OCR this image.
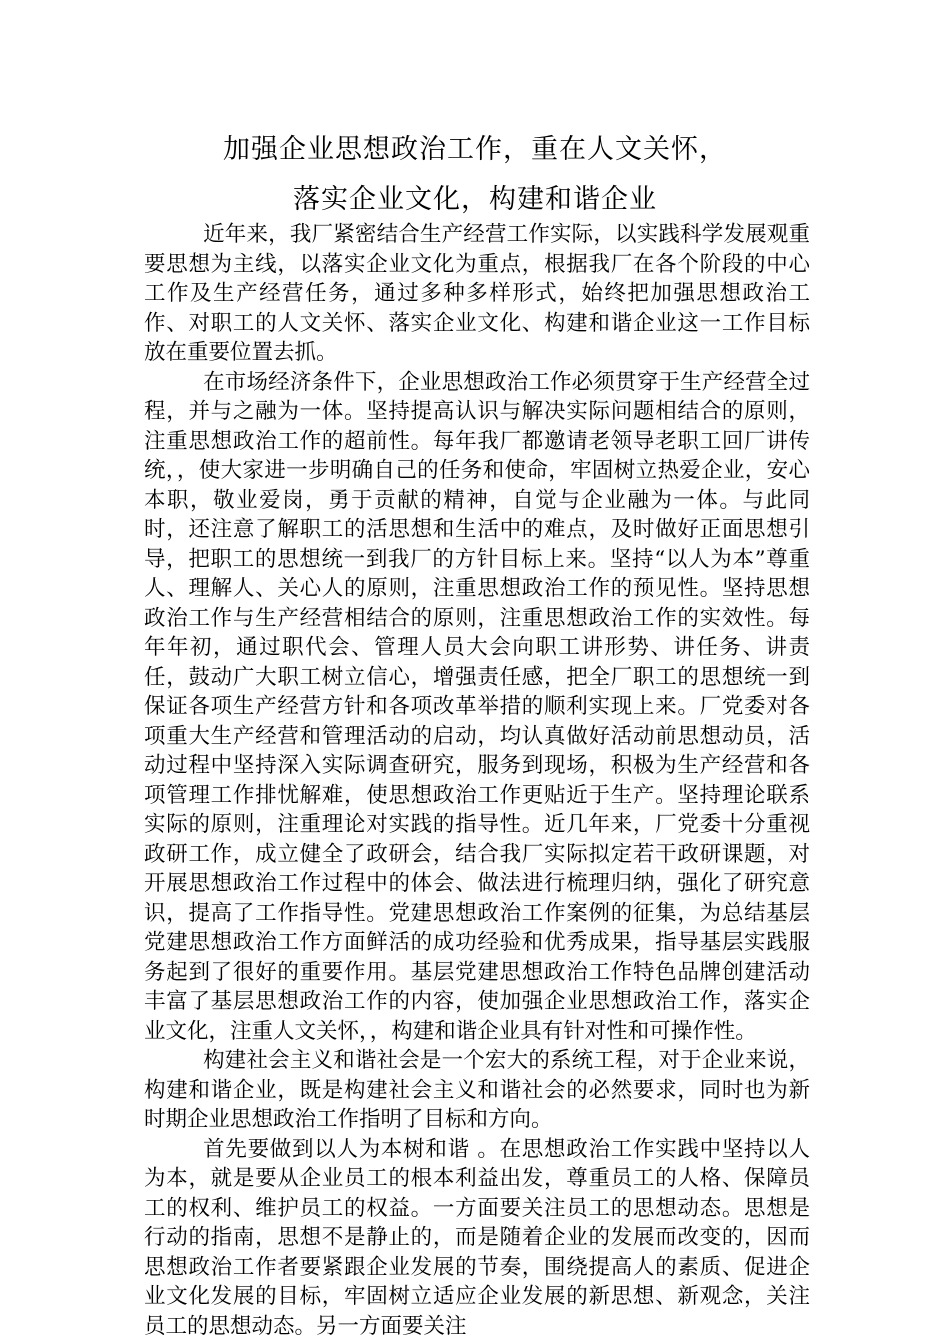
加强企业思想政治工作，重在人文关怀，
落实企业文化，构建和谐企业

近年来，我厂紧密结合生产经营工作实际，以实践科学发展观重要思想为主线，以落实企业文化为重点，根据我厂在各个阶段的中心工作及生产经营任务，通过多种多样形式，始终把加强思想政治工作、对职工的人文关怀、落实企业文化、构建和谐企业这一工作目标放在重要位置去抓。

在市场经济条件下，企业思想政治工作必须贯穿于生产经营全过程，并与之融为一体。坚持提高认识与解决实际问题相结合的原则，注重思想政治工作的超前性。每年我厂都邀请老领导老职工回厂讲传统，，使大家进一步明确自己的任务和使命，牢固树立热爱企业，安心本职，敬业爱岗，勇于贡献的精神，自觉与企业融为一体。与此同时，还注意了解职工的活思想和生活中的难点，及时做好正面思想引导，把职工的思想统一到我厂的方针目标上来。坚持“以人为本”尊重人、理解人、关心人的原则，注重思想政治工作的预见性。坚持思想政治工作与生产经营相结合的原则，注重思想政治工作的实效性。每年年初，通过职代会、管理人员大会向职工讲形势、讲任务、讲责任，鼓动广大职工树立信心，增强责任感，把全厂职工的思想统一到保证各项生产经营方针和各项改革举措的顺利实现上来。厂党委对各项重大生产经营和管理活动的启动，均认真做好活动前思想动员，活动过程中坚持深入实际调查研究，服务到现场，积极为生产经营和各项管理工作排忧解难，使思想政治工作更贴近于生产。坚持理论联系实际的原则，注重理论对实践的指导性。近几年来，厂党委十分重视政研工作，成立健全了政研会，结合我厂实际拟定若干政研课题，对开展思想政治工作过程中的体会、做法进行梳理归纳，强化了研究意识，提高了工作指导性。党建思想政治工作案例的征集，为总结基层党建思想政治工作方面鲜活的成功经验和优秀成果，指导基层实践服务起到了很好的重要作用。基层党建思想政治工作特色品牌创建活动丰富了基层思想政治工作的内容，使加强企业思想政治工作，落实企业文化，注重人文关怀，，构建和谐企业具有针对性和可操作性。

构建社会主义和谐社会是一个宏大的系统工程，对于企业来说，构建和谐企业，既是构建社会主义和谐社会的必然要求，同时也为新时期企业思想政治工作指明了目标和方向。

首先要做到以人为本树和谐 。在思想政治工作实践中坚持以人为本，就是要从企业员工的根本利益出发，尊重员工的人格、保障员工的权利、维护员工的权益。一方面要关注员工的思想动态。思想是行动的指南，思想不是静止的，而是随着企业的发展而改变的，因而思想政治工作者要紧跟企业发展的节奏，围绕提高人的素质、促进企业文化发展的目标，牢固树立适应企业发展的新思想、新观念，关注员工的思想动态。另一方面要关注
